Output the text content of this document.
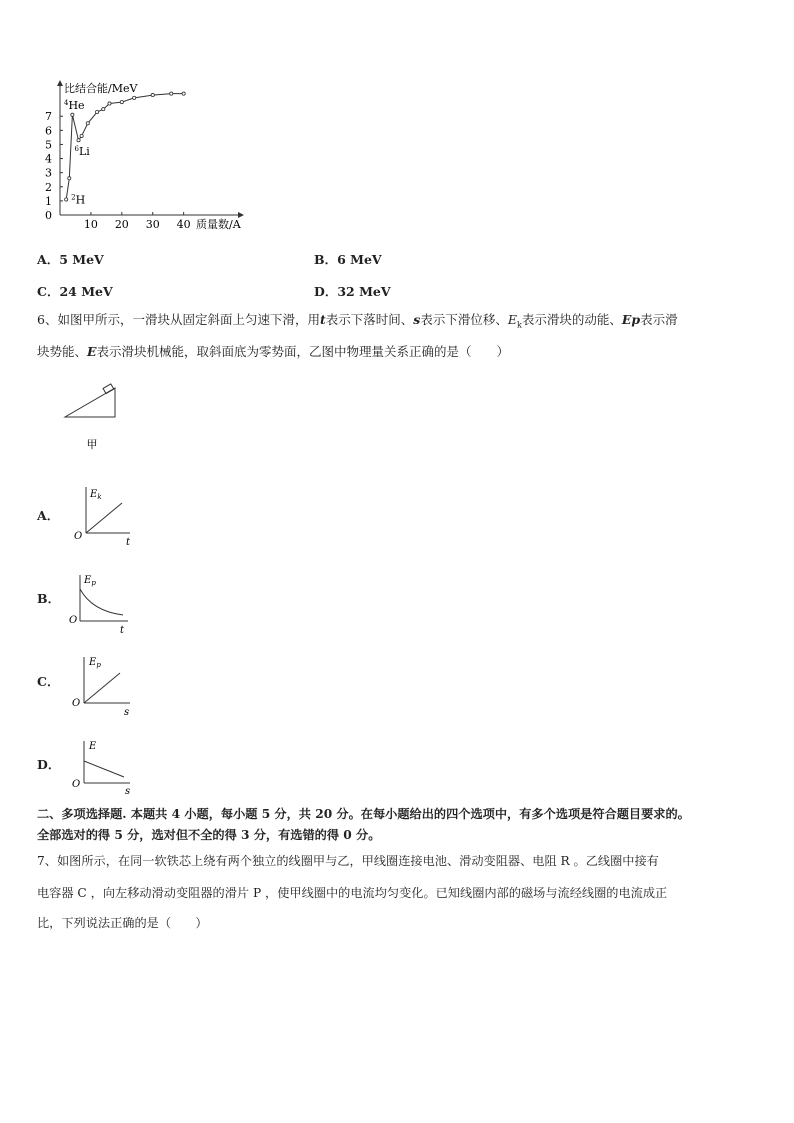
0
1
2
3
4
5
6
7
10 20 30 40
比结合能/MeV
质量数/A
$^4$He
$^6$Li
$^2$H
A．5 MeV	B．6 MeV
C．24 MeV	D．32 MeV
6、如图甲所示，一滑块从固定斜面上匀速下滑，用t表示下落时间、s表示下滑位移、$E_k$表示滑块的动能、Ep表示滑
块势能、E表示滑块机械能，取斜面底为零势面，乙图中物理量关系正确的是（　　）
甲
A．
$E_k$
O
t
B．
$E_p$
O
t
C．
$E_p$
O
s
D．
E
O
s
二、多项选择题. 本题共 4 小题，每小题 5 分，共 20 分。在每小题给出的四个选项中，有多个选项是符合题目要求的。
全部选对的得 5 分，选对但不全的得 3 分，有选错的得 0 分。
7、如图所示，在同一软铁芯上绕有两个独立的线圈甲与乙，甲线圈连接电池、滑动变阻器、电阻 R 。乙线圈中接有
电容器 C ，向左移动滑动变阻器的滑片 P ，使甲线圈中的电流均匀变化。已知线圈内部的磁场与流经线圈的电流成正
比，下列说法正确的是（　　）
